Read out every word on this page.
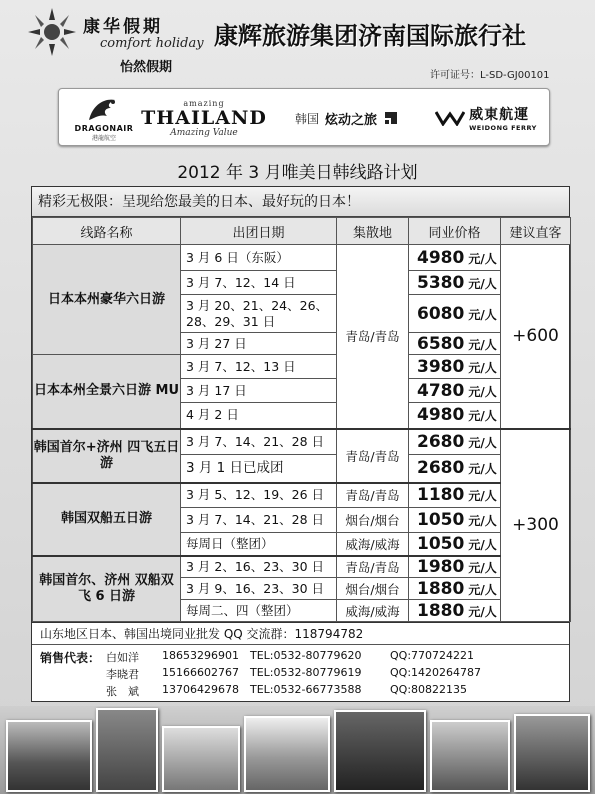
康华假期
comfort holiday
怡然假期
康辉旅游集团济南国际旅行社
许可证号：L-SD-GJ00101
DRAGONAIR
港龍航空
amazing
THAILAND
Amazing Value
韩国 炫动之旅	威東航運
WEIDONG FERRY
2012 年 3 月唯美日韩线路计划
精彩无极限：呈现给您最美的日本、最好玩的日本！
线路名称	出团日期	集散地	同业价格	建议直客
日本本州豪华六日游	3 月 6 日（东阪）	青岛/青岛	4980 元/人	+600
	3 月 7、12、14 日		5380 元/人	
	3 月 20、21、24、26、28、29、31 日		6080 元/人	
	3 月 27 日		6580 元/人	
日本本州全景六日游 MU	3 月 7、12、13 日		3980 元/人	
	3 月 17 日		4780 元/人	
	4 月 2 日		4980 元/人	
韩国首尔+济州 四飞五日游	3 月 7、14、21、28 日	青岛/青岛	2680 元/人	+300
	3 月 1 日已成团		2680 元/人	
韩国双船五日游	3 月 5、12、19、26 日	青岛/青岛	1180 元/人	
	3 月 7、14、21、28 日	烟台/烟台	1050 元/人	
	每周日（整团）	威海/威海	1050 元/人	
韩国首尔、济州 双船双飞 6 日游	3 月 2、16、23、30 日	青岛/青岛	1980 元/人	
	3 月 9、16、23、30 日	烟台/烟台	1880 元/人	
	每周二、四（整团）	威海/威海	1880 元/人	
山东地区日本、韩国出境同业批发 QQ 交流群：118794782
销售代表： 白如洋 18653296901 TEL:0532-80779620	QQ:770724221
李晓君 15166602767 TEL:0532-80779619	QQ:1420264787
张　斌 13706429678 TEL:0532-66773588	QQ:80822135
